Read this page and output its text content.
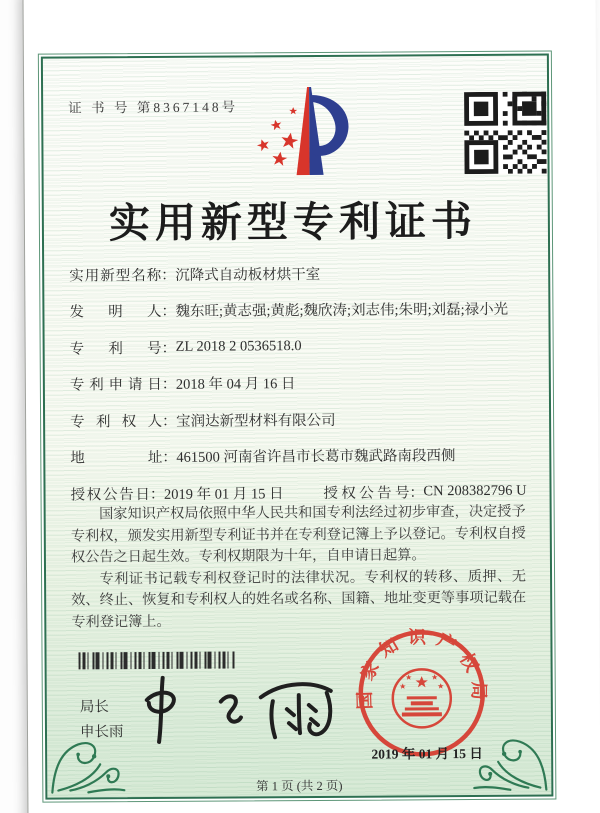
证 书 号 第8367148号
实用新型专利证书
实用新型名称 ： 沉降式自动板材烘干室
发明人 ： 魏东旺;黄志强;黄彪;魏欣涛;刘志伟;朱明;刘磊;禄小光
专利号 ： ZL 2018 2 0536518.0
专利申请日 ： 2018 年 04 月 16 日
专利权人 ： 宝润达新型材料有限公司
地址 ： 461500 河南省许昌市长葛市魏武路南段西侧
授权公告日 ： 2019 年 01 月 15 日	授权公告号 ： CN 208382796 U

国家知识产权局依照中华人民共和国专利法经过初步审查，决定授予专利权，颁发实用新型专利证书并在专利登记簿上予以登记。专利权自授权公告之日起生效。专利权期限为十年，自申请日起算。

专利证书记载专利权登记时的法律状况。专利权的转移、质押、无效、终止、恢复和专利权人的姓名或名称、国籍、地址变更等事项记载在专利登记簿上。

局长
申长雨
国家知识产权局
2019 年 01 月 15 日
第 1 页 (共 2 页)
